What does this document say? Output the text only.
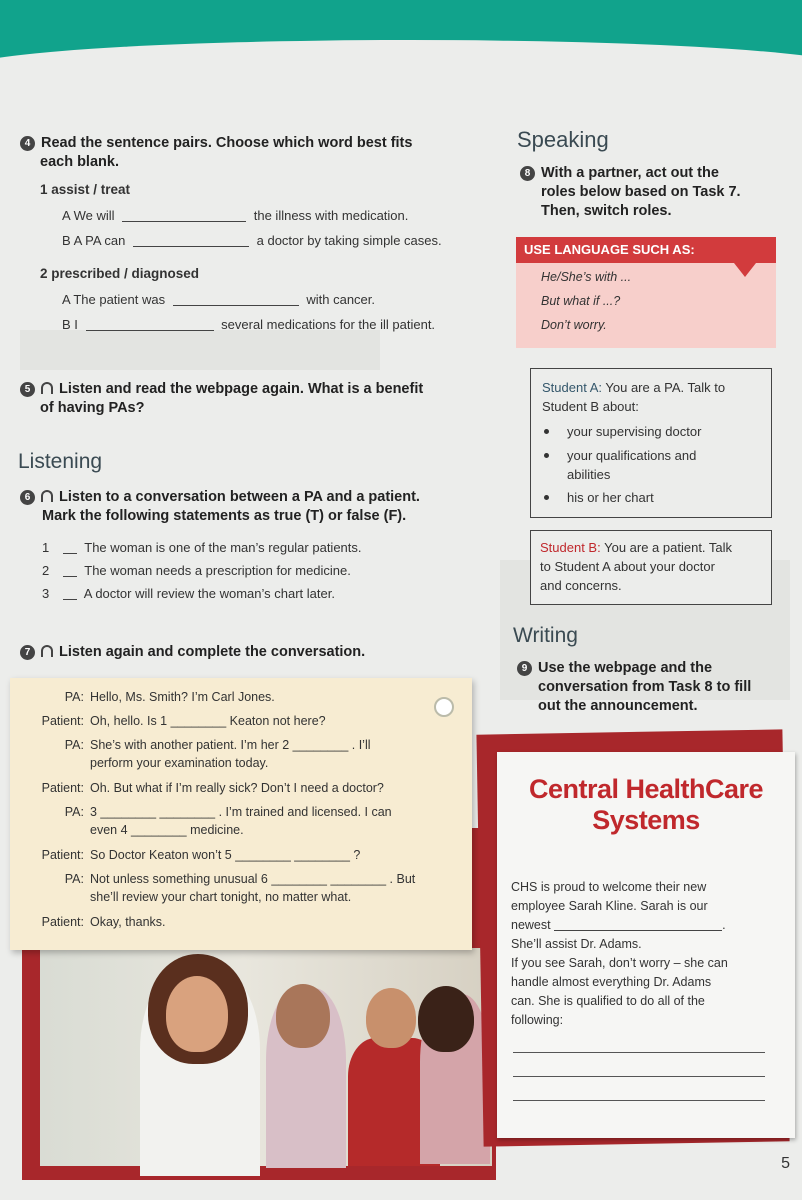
4 Read the sentence pairs. Choose which word best fits
each blank.
1 assist / treat
A We will	the illness with medication.
B A PA can	a doctor by taking simple cases.
2 prescribed / diagnosed
A The patient was	with cancer.
B I	several medications for the ill patient.
5 Listen and read the webpage again. What is a benefit
of having PAs?
Listening
6 Listen to a conversation between a PA and a patient.
Mark the following statements as true (T) or false (F).
1	The woman is one of the man’s regular patients.
2	The woman needs a prescription for medicine.
3	A doctor will review the woman’s chart later.
7 Listen again and complete the conversation.
PA: Hello, Ms. Smith? I’m Carl Jones.
Patient: Oh, hello. Is 1 ________ Keaton not here?
PA: She’s with another patient. I’m her 2 ________ . I’ll
perform your examination today.
Patient: Oh. But what if I’m really sick? Don’t I need a doctor?
PA: 3 ________ ________ . I’m trained and licensed. I can
even 4 ________ medicine.
Patient: So Doctor Keaton won’t 5 ________ ________ ?
PA: Not unless something unusual 6 ________ ________ . But
she’ll review your chart tonight, no matter what.
Patient: Okay, thanks.
Speaking
8 With a partner, act out the
roles below based on Task 7.
Then, switch roles.
USE LANGUAGE SUCH AS:
He/She’s with ...
But what if ...?
Don’t worry.
Student A: You are a PA. Talk to
Student B about:
your supervising doctor
your qualifications and
abilities
his or her chart
Student B: You are a patient. Talk
to Student A about your doctor
and concerns.
Writing
9 Use the webpage and the
conversation from Task 8 to fill
out the announcement.
Central HealthCare
Systems
CHS is proud to welcome their new
employee Sarah Kline. Sarah is our
newest	.
She’ll assist Dr. Adams.
If you see Sarah, don’t worry – she can
handle almost everything Dr. Adams
can. She is qualified to do all of the
following:
5
